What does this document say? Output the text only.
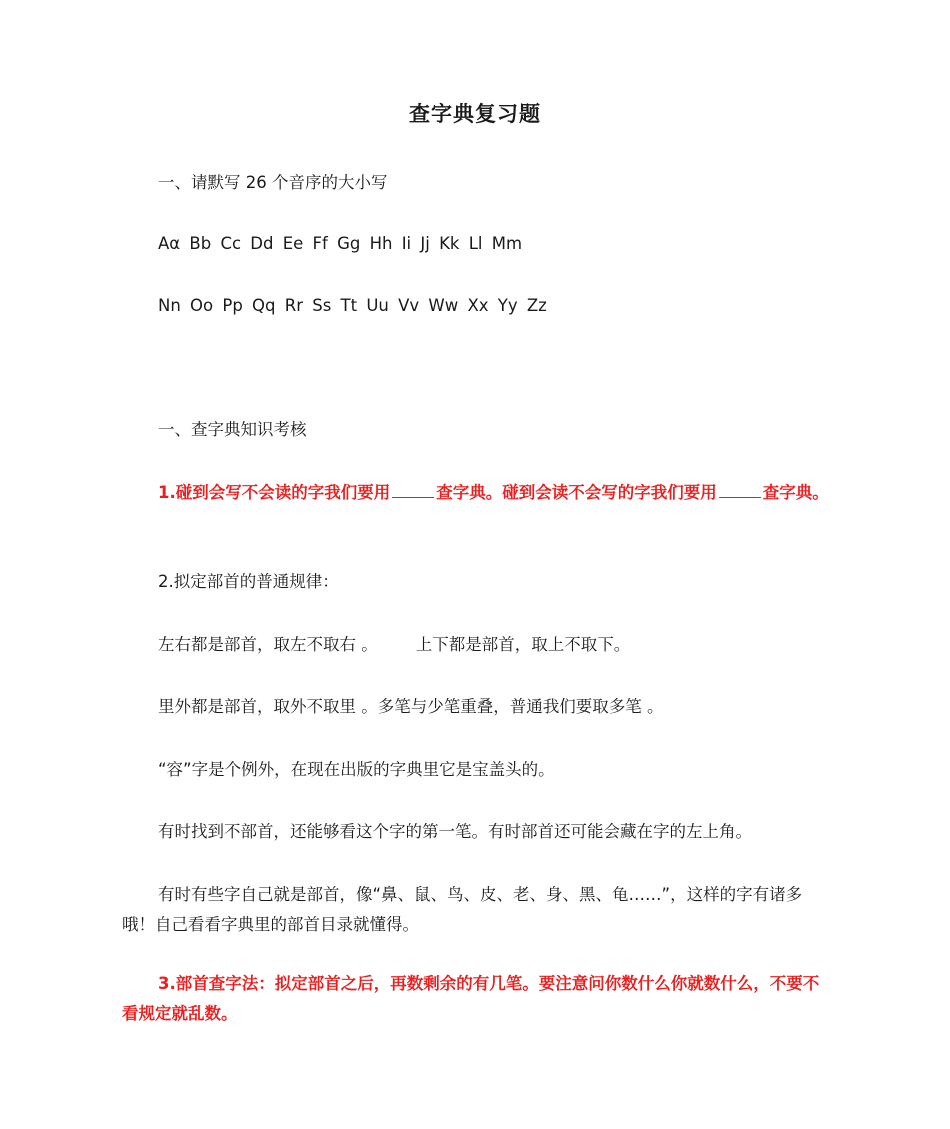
查字典复习题
一、请默写 26 个音序的大小写
Aα Bb Cc Dd Ee Ff Gg Hh Ii Jj Kk Ll Mm
Nn Oo Pp Qq Rr Ss Tt Uu Vv Ww Xx Yy Zz
一、查字典知识考核
1.碰到会写不会读的字我们要用	查字典。碰到会读不会写的字我们要用	查字典。
2.拟定部首的普通规律：
左右都是部首，取左不取右 。 上下都是部首，取上不取下。
里外都是部首，取外不取里 。多笔与少笔重叠，普通我们要取多笔 。
“容”字是个例外，在现在出版的字典里它是宝盖头的。
有时找到不部首，还能够看这个字的第一笔。有时部首还可能会藏在字的左上角。
有时有些字自己就是部首，像“鼻、鼠、鸟、皮、老、身、黑、龟……”，这样的字有诸多哦！自己看看字典里的部首目录就懂得。
3.部首查字法：拟定部首之后，再数剩余的有几笔。要注意问你数什么你就数什么，不要不看规定就乱数。
